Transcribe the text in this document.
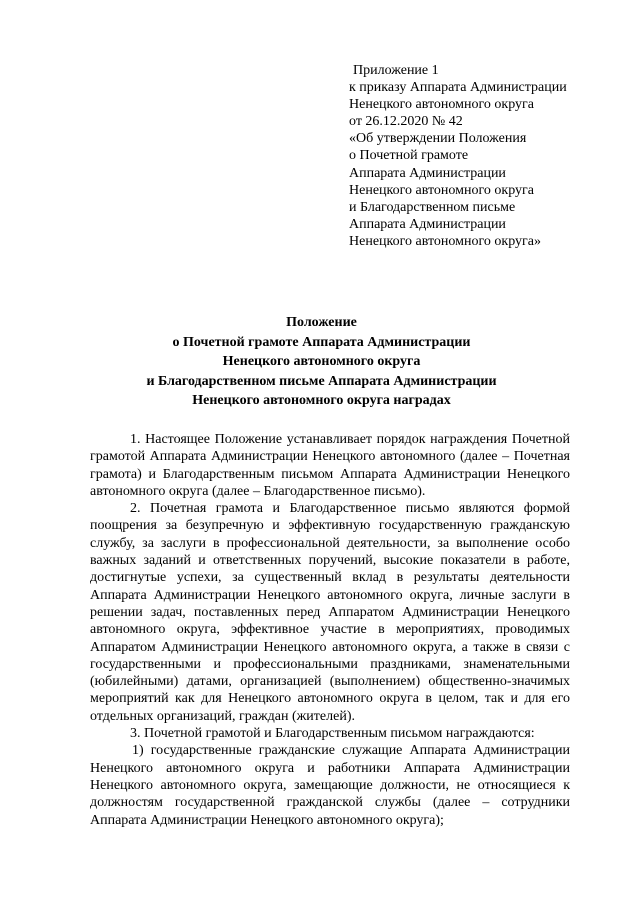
Приложение 1
к приказу Аппарата Администрации
Ненецкого автономного округа
от 26.12.2020 № 42
«Об утверждении Положения
о Почетной грамоте
Аппарата Администрации
Ненецкого автономного округа
и Благодарственном письме
Аппарата Администрации
Ненецкого автономного округа»
Положение
о Почетной грамоте Аппарата Администрации
Ненецкого автономного округа
и Благодарственном письме Аппарата Администрации
Ненецкого автономного округа наградах

1. Настоящее Положение устанавливает порядок награждения Почетной грамотой Аппарата Администрации Ненецкого автономного (далее – Почетная грамота) и Благодарственным письмом Аппарата Администрации Ненецкого автономного округа (далее – Благодарственное письмо).

2. Почетная грамота и Благодарственное письмо являются формой поощрения за безупречную и эффективную государственную гражданскую службу, за заслуги в профессиональной деятельности, за выполнение особо важных заданий и ответственных поручений, высокие показатели в работе, достигнутые успехи, за существенный вклад в результаты деятельности Аппарата Администрации Ненецкого автономного округа, личные заслуги в решении задач, поставленных перед Аппаратом Администрации Ненецкого автономного округа, эффективное участие в мероприятиях, проводимых Аппаратом Администрации Ненецкого автономного округа, а также в связи с государственными и профессиональными праздниками, знаменательными (юбилейными) датами, организацией (выполнением) общественно-значимых мероприятий как для Ненецкого автономного округа в целом, так и для его отдельных организаций, граждан (жителей).

3. Почетной грамотой и Благодарственным письмом награждаются:

1) государственные гражданские служащие Аппарата Администрации Ненецкого автономного округа и работники Аппарата Администрации Ненецкого автономного округа, замещающие должности, не относящиеся к должностям государственной гражданской службы (далее – сотрудники Аппарата Администрации Ненецкого автономного округа);
